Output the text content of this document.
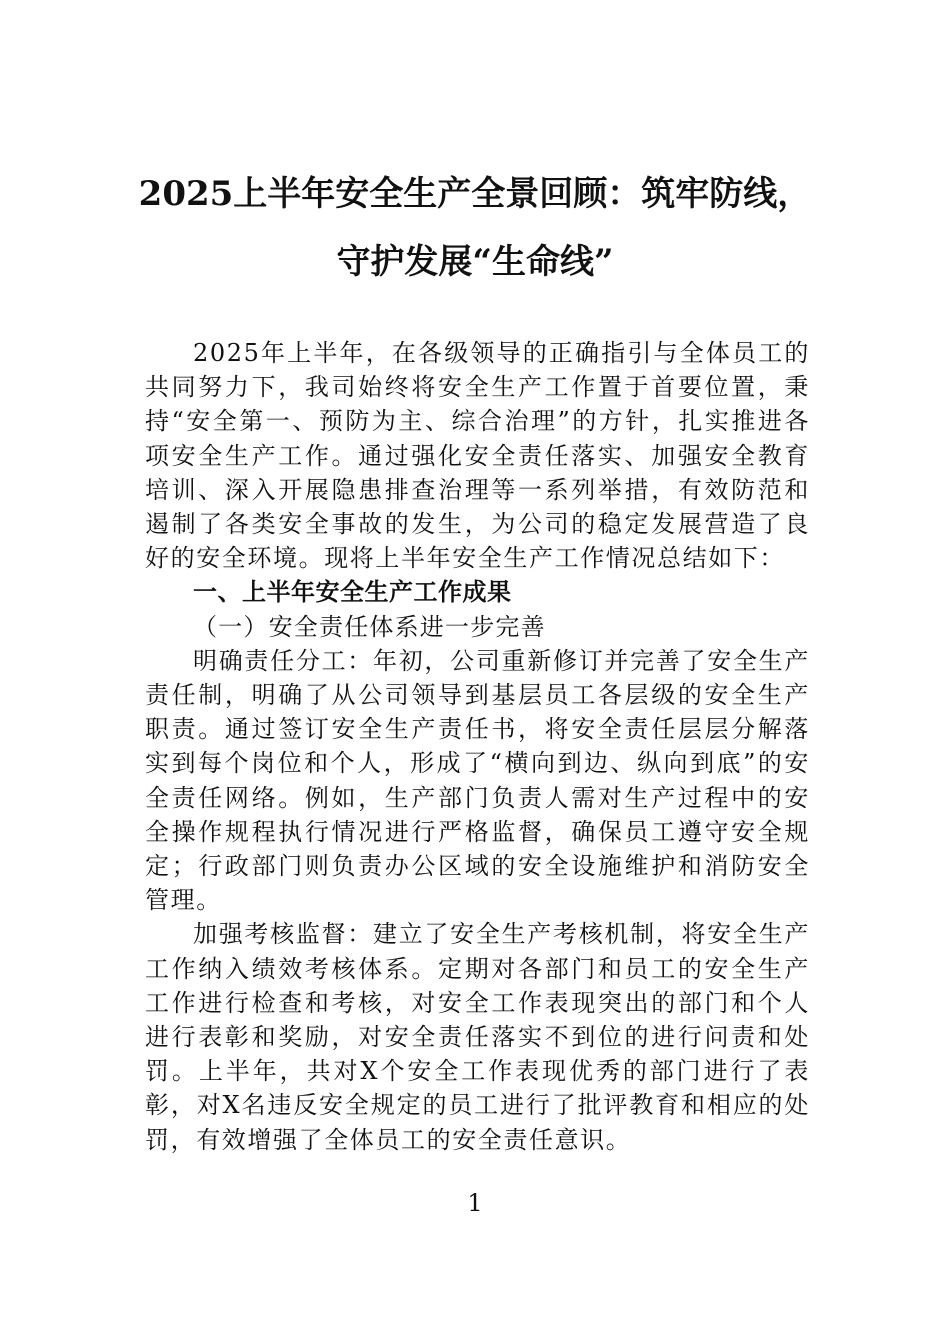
2025上半年安全生产全景回顾：筑牢防线，
守护发展“生命线”

2025年上半年，在各级领导的正确指引与全体员工的共同努力下，我司始终将安全生产工作置于首要位置，秉持“安全第一、预防为主、综合治理”的方针，扎实推进各项安全生产工作。通过强化安全责任落实、加强安全教育培训、深入开展隐患排查治理等一系列举措，有效防范和遏制了各类安全事故的发生，为公司的稳定发展营造了良好的安全环境。现将上半年安全生产工作情况总结如下：

一、上半年安全生产工作成果

（一）安全责任体系进一步完善

明确责任分工：年初，公司重新修订并完善了安全生产责任制，明确了从公司领导到基层员工各层级的安全生产职责。通过签订安全生产责任书，将安全责任层层分解落实到每个岗位和个人，形成了“横向到边、纵向到底”的安全责任网络。例如，生产部门负责人需对生产过程中的安全操作规程执行情况进行严格监督，确保员工遵守安全规定；行政部门则负责办公区域的安全设施维护和消防安全管理。

加强考核监督：建立了安全生产考核机制，将安全生产工作纳入绩效考核体系。定期对各部门和员工的安全生产工作进行检查和考核，对安全工作表现突出的部门和个人进行表彰和奖励，对安全责任落实不到位的进行问责和处罚。上半年，共对X个安全工作表现优秀的部门进行了表彰，对X名违反安全规定的员工进行了批评教育和相应的处罚，有效增强了全体员工的安全责任意识。

1
